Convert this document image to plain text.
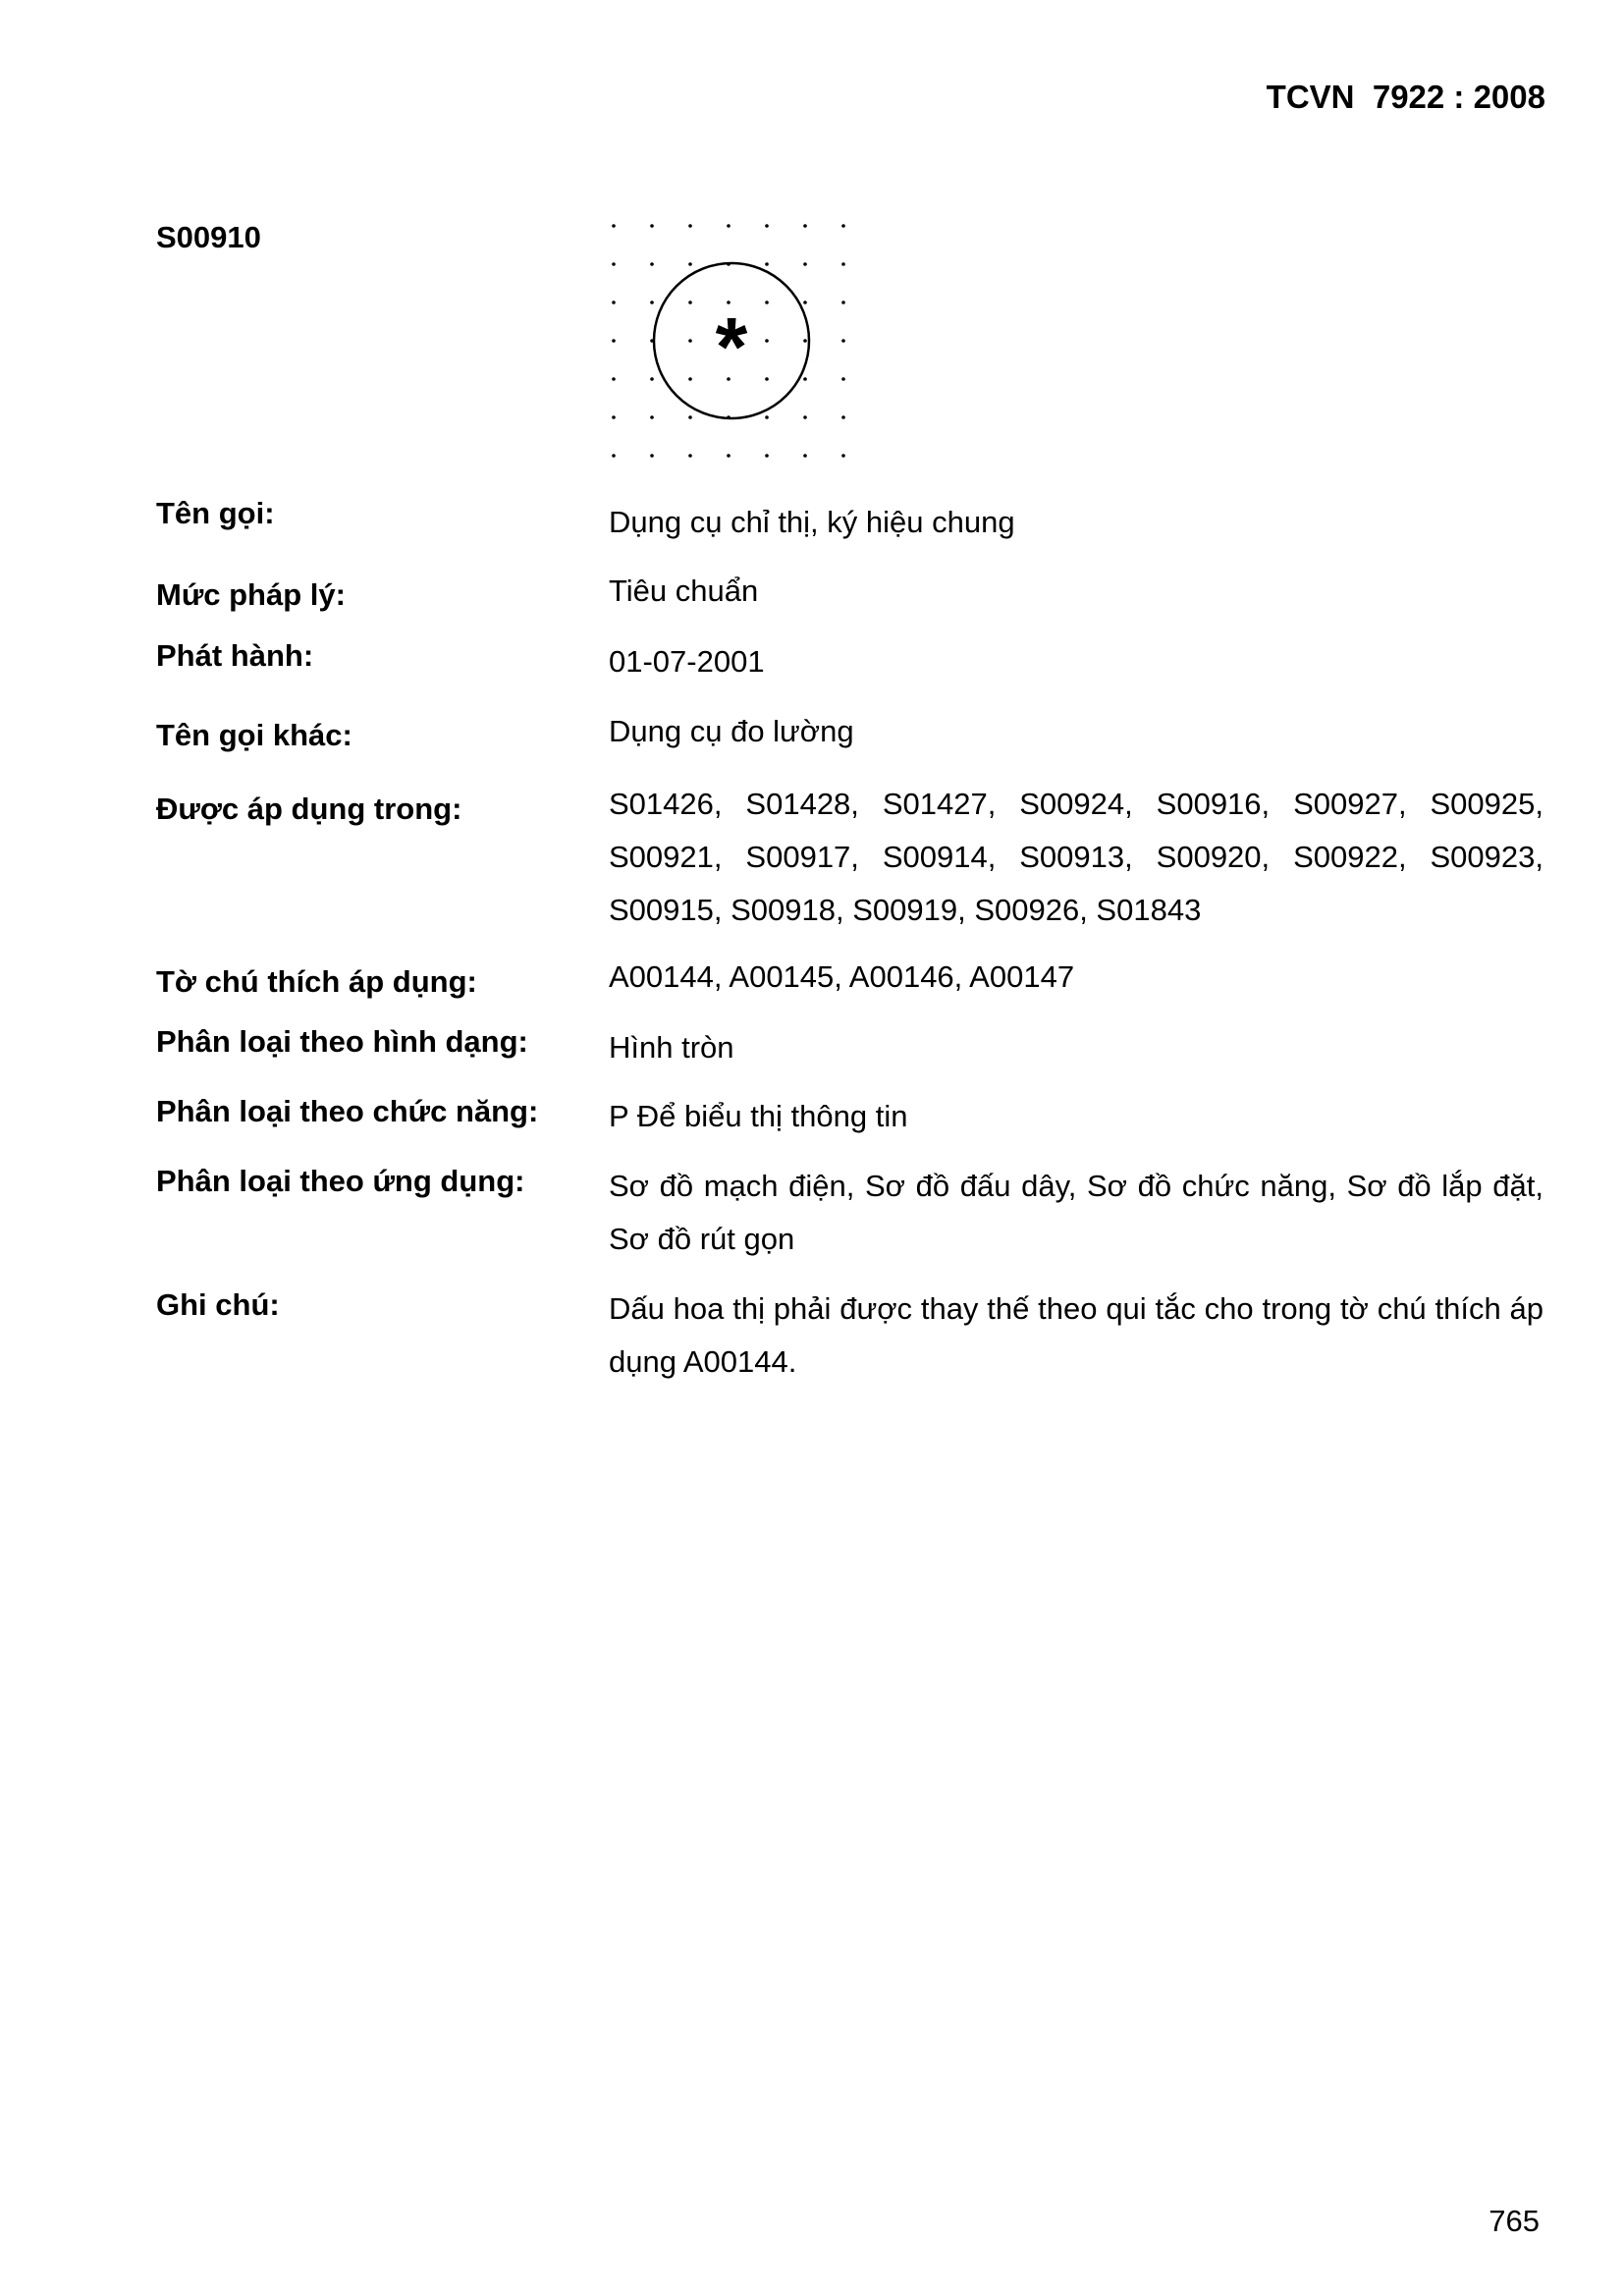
TCVN  7922 : 2008
S00910
*
Tên gọi:	Dụng cụ chỉ thị, ký hiệu chung
Mức pháp lý:	Tiêu chuẩn
Phát hành:	01-07-2001
Tên gọi khác:	Dụng cụ đo lường
Được áp dụng trong:	S01426, S01428, S01427, S00924, S00916, S00927, S00925, S00921, S00917, S00914, S00913, S00920, S00922, S00923, S00915, S00918, S00919, S00926, S01843
Tờ chú thích áp dụng:	A00144, A00145, A00146, A00147
Phân loại theo hình dạng:	Hình tròn
Phân loại theo chức năng:	P Để biểu thị thông tin
Phân loại theo ứng dụng:	Sơ đồ mạch điện, Sơ đồ đấu dây, Sơ đồ chức năng, Sơ đồ lắp đặt, Sơ đồ rút gọn
Ghi chú:	Dấu hoa thị phải được thay thế theo qui tắc cho trong tờ chú thích áp dụng A00144.
765
